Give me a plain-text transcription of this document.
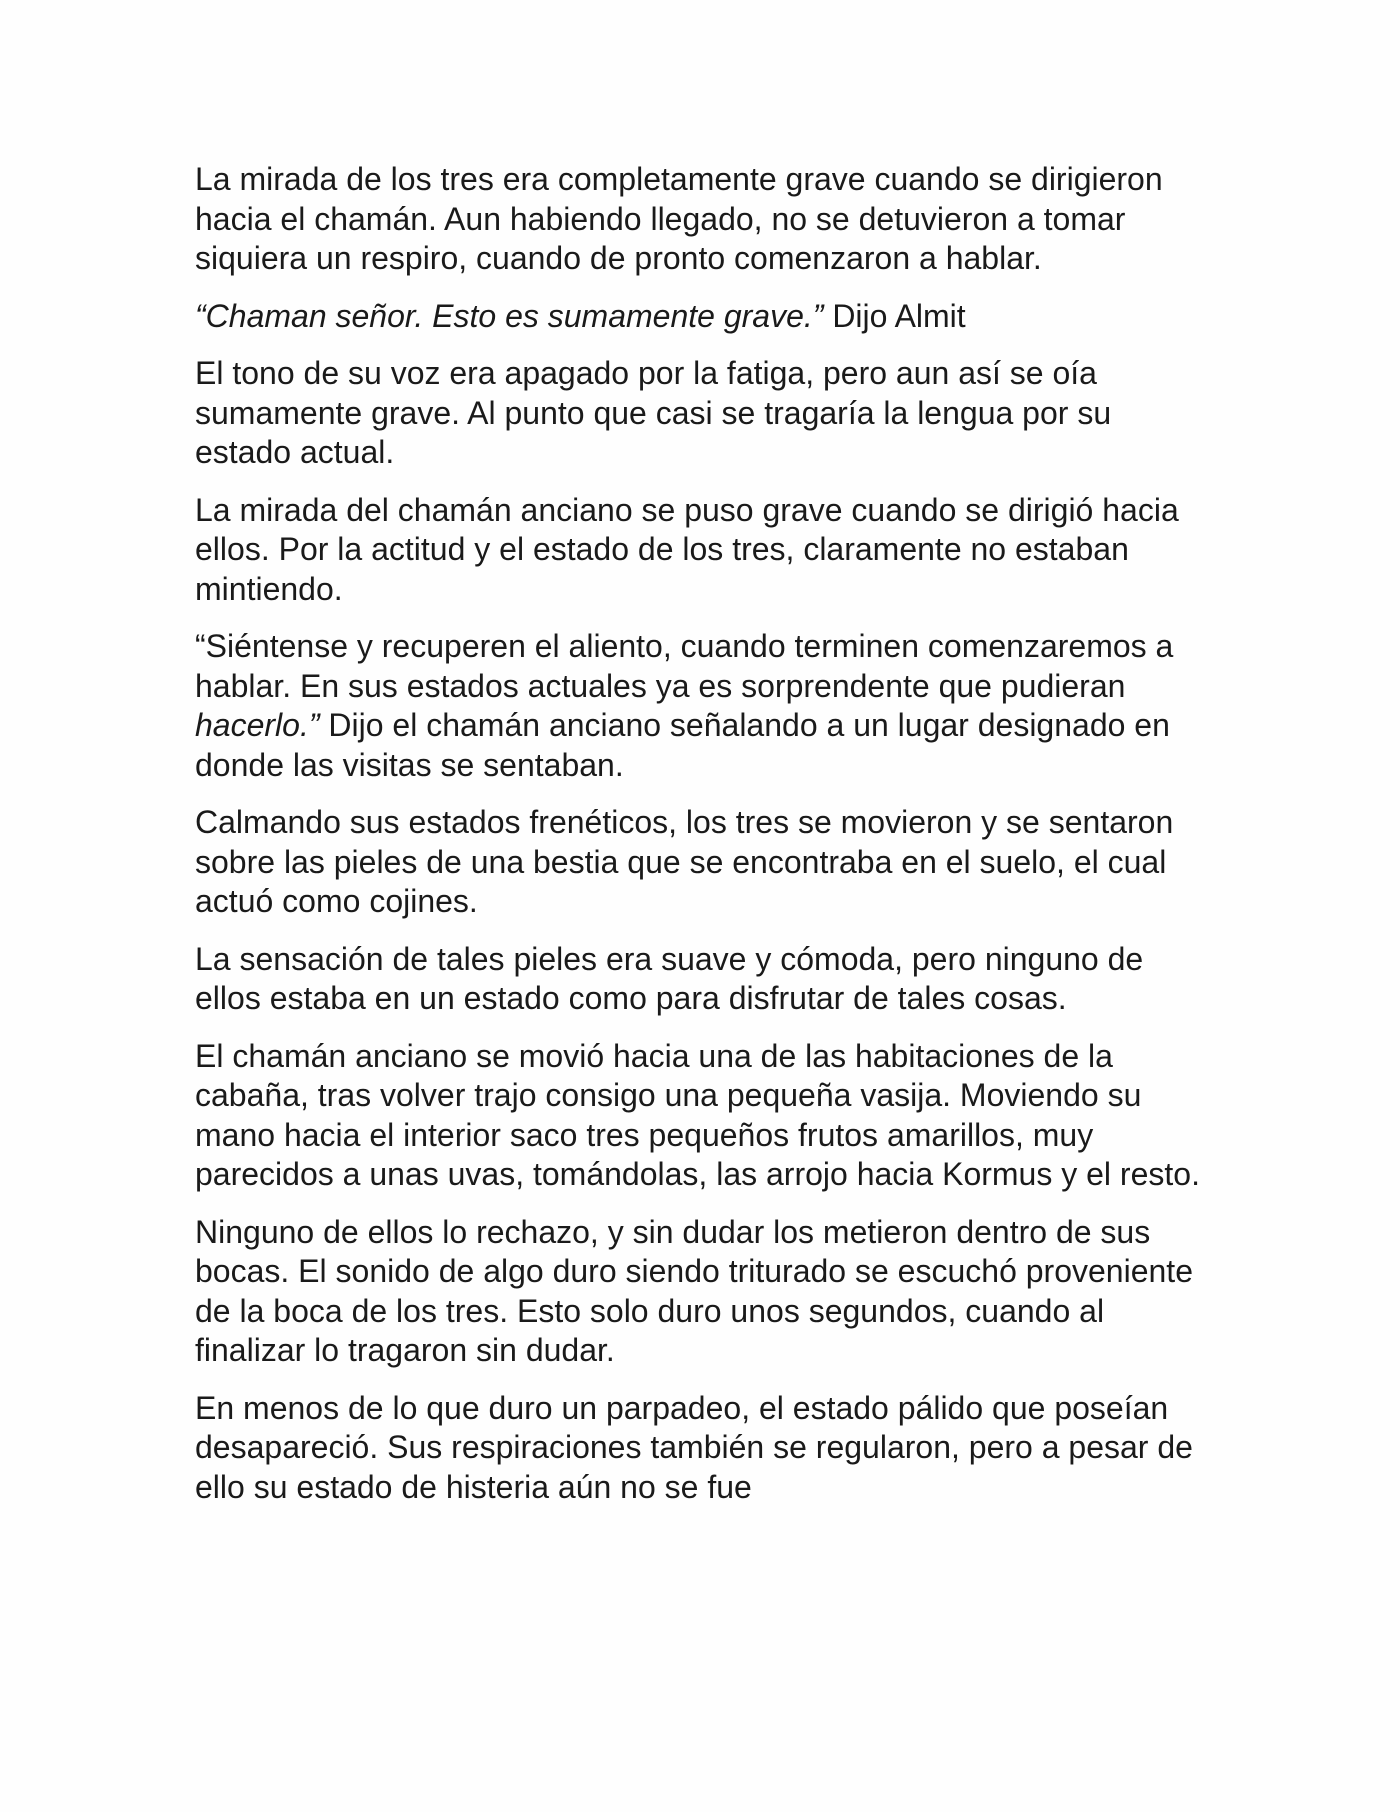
La mirada de los tres era completamente grave cuando se dirigieron
hacia el chamán. Aun habiendo llegado, no se detuvieron a tomar
siquiera un respiro, cuando de pronto comenzaron a hablar.

“Chaman señor. Esto es sumamente grave.” Dijo Almit

El tono de su voz era apagado por la fatiga, pero aun así se oía
sumamente grave. Al punto que casi se tragaría la lengua por su
estado actual.

La mirada del chamán anciano se puso grave cuando se dirigió hacia
ellos. Por la actitud y el estado de los tres, claramente no estaban
mintiendo.

“Siéntense y recuperen el aliento, cuando terminen comenzaremos a
hablar. En sus estados actuales ya es sorprendente que pudieran
hacerlo.” Dijo el chamán anciano señalando a un lugar designado en
donde las visitas se sentaban.

Calmando sus estados frenéticos, los tres se movieron y se sentaron
sobre las pieles de una bestia que se encontraba en el suelo, el cual
actuó como cojines.

La sensación de tales pieles era suave y cómoda, pero ninguno de
ellos estaba en un estado como para disfrutar de tales cosas.

El chamán anciano se movió hacia una de las habitaciones de la
cabaña, tras volver trajo consigo una pequeña vasija. Moviendo su
mano hacia el interior saco tres pequeños frutos amarillos, muy
parecidos a unas uvas, tomándolas, las arrojo hacia Kormus y el resto.

Ninguno de ellos lo rechazo, y sin dudar los metieron dentro de sus
bocas. El sonido de algo duro siendo triturado se escuchó proveniente
de la boca de los tres. Esto solo duro unos segundos, cuando al
finalizar lo tragaron sin dudar.

En menos de lo que duro un parpadeo, el estado pálido que poseían
desapareció. Sus respiraciones también se regularon, pero a pesar de
ello su estado de histeria aún no se fue
